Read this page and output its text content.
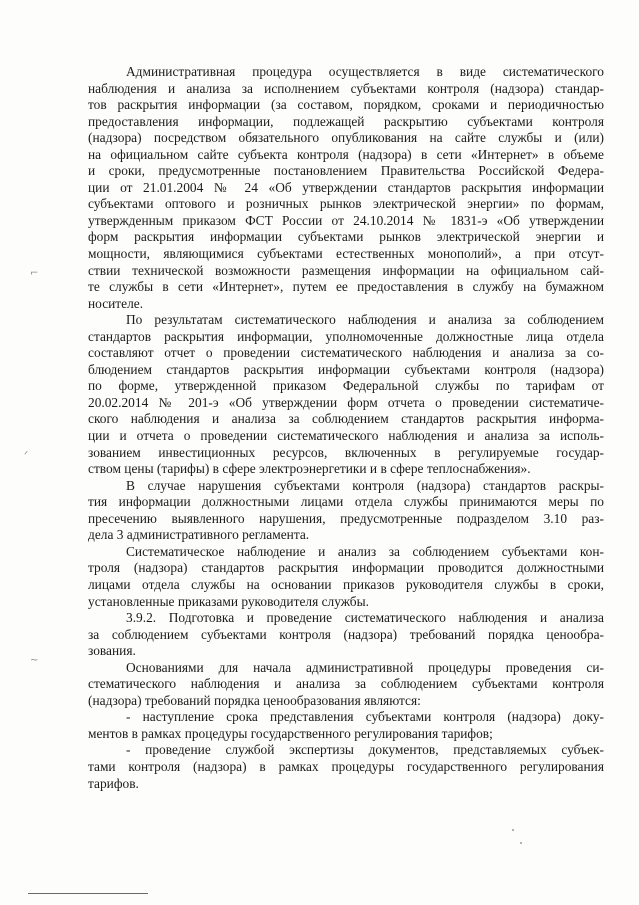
Административная процедура осуществляется в виде систематического
наблюдения и анализа за исполнением субъектами контроля (надзора) стандар-
тов раскрытия информации (за составом, порядком, сроками и периодичностью
предоставления информации, подлежащей раскрытию субъектами контроля
(надзора) посредством обязательного опубликования на сайте службы и (или)
на официальном сайте субъекта контроля (надзора) в сети «Интернет» в объеме
и сроки, предусмотренные постановлением Правительства Российской Федера-
ции от 21.01.2004 № 24 «Об утверждении стандартов раскрытия информации
субъектами оптового и розничных рынков электрической энергии» по формам,
утвержденным приказом ФСТ России от 24.10.2014 № 1831-э «Об утверждении
форм раскрытия информации субъектами рынков электрической энергии и
мощности, являющимися субъектами естественных монополий», а при отсут-
ствии технической возможности размещения информации на официальном сай-
те службы в сети «Интернет», путем ее предоставления в службу на бумажном
носителе.

По результатам систематического наблюдения и анализа за соблюдением
стандартов раскрытия информации, уполномоченные должностные лица отдела
составляют отчет о проведении систематического наблюдения и анализа за со-
блюдением стандартов раскрытия информации субъектами контроля (надзора)
по форме, утвержденной приказом Федеральной службы по тарифам от
20.02.2014 № 201-э «Об утверждении форм отчета о проведении систематиче-
ского наблюдения и анализа за соблюдением стандартов раскрытия информа-
ции и отчета о проведении систематического наблюдения и анализа за исполь-
зованием инвестиционных ресурсов, включенных в регулируемые государ-
ством цены (тарифы) в сфере электроэнергетики и в сфере теплоснабжения».

В случае нарушения субъектами контроля (надзора) стандартов раскры-
тия информации должностными лицами отдела службы принимаются меры по
пресечению выявленного нарушения, предусмотренные подразделом 3.10 раз-
дела 3 административного регламента.

Систематическое наблюдение и анализ за соблюдением субъектами кон-
троля (надзора) стандартов раскрытия информации проводится должностными
лицами отдела службы на основании приказов руководителя службы в сроки,
установленные приказами руководителя службы.

3.9.2. Подготовка и проведение систематического наблюдения и анализа
за соблюдением субъектами контроля (надзора) требований порядка ценообра-
зования.

Основаниями для начала административной процедуры проведения си-
стематического наблюдения и анализа за соблюдением субъектами контроля
(надзора) требований порядка ценообразования являются:

- наступление срока представления субъектами контроля (надзора) доку-
ментов в рамках процедуры государственного регулирования тарифов;

- проведение службой экспертизы документов, представляемых субъек-
тами контроля (надзора) в рамках процедуры государственного регулирования
тарифов.

⌐
ᐟ
~
